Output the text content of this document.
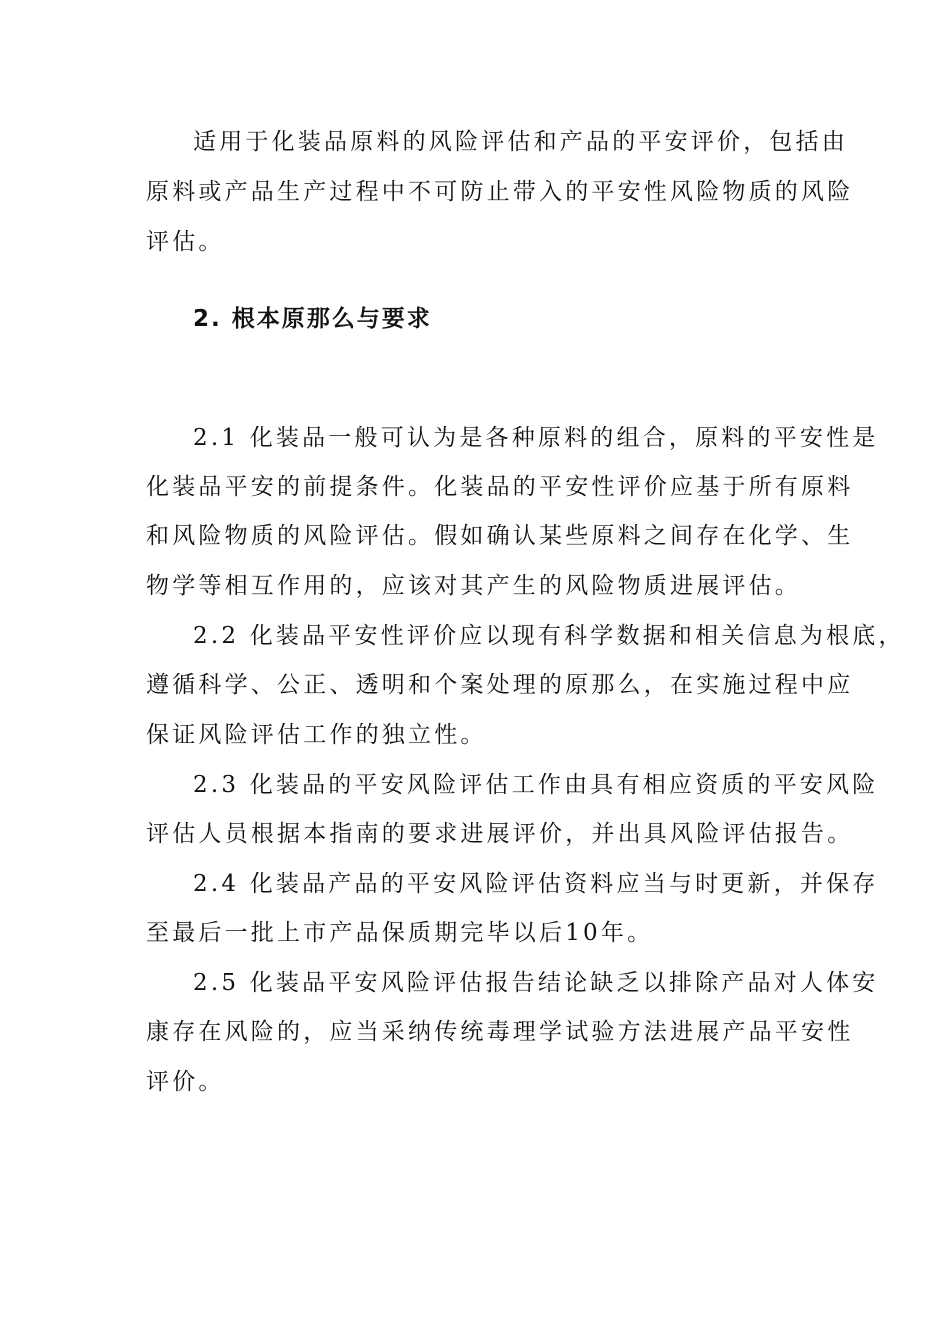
适用于化装品原料的风险评估和产品的平安评价，包括由
原料或产品生产过程中不可防止带入的平安性风险物质的风险
评估。
2. 根本原那么与要求
2.1 化装品一般可认为是各种原料的组合，原料的平安性是
化装品平安的前提条件。化装品的平安性评价应基于所有原料
和风险物质的风险评估。假如确认某些原料之间存在化学、生
物学等相互作用的，应该对其产生的风险物质进展评估。
2.2 化装品平安性评价应以现有科学数据和相关信息为根底，
遵循科学、公正、透明和个案处理的原那么，在实施过程中应
保证风险评估工作的独立性。
2.3 化装品的平安风险评估工作由具有相应资质的平安风险
评估人员根据本指南的要求进展评价，并出具风险评估报告。
2.4 化装品产品的平安风险评估资料应当与时更新，并保存
至最后一批上市产品保质期完毕以后10年。
2.5 化装品平安风险评估报告结论缺乏以排除产品对人体安
康存在风险的，应当采纳传统毒理学试验方法进展产品平安性
评价。
